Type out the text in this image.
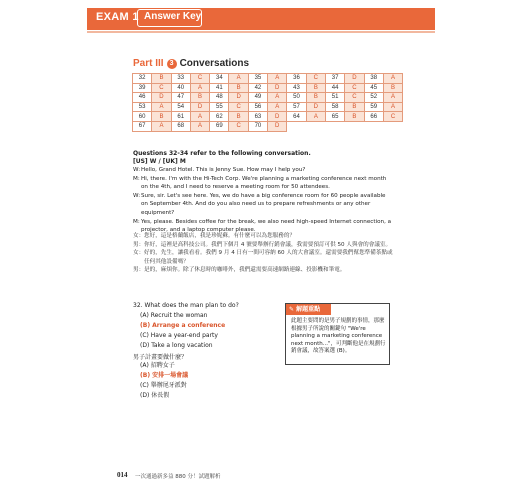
EXAM 1 Answer Key
Part III 3 Conversations
32	B	33	C	34	A	35	A	36	C	37	D	38	A
39	C	40	A	41	B	42	D	43	B	44	C	45	B
46	D	47	B	48	D	49	A	50	B	51	C	52	A
53	A	54	D	55	C	56	A	57	D	58	B	59	A
60	B	61	A	62	B	63	D	64	A	65	B	66	C
67	A	68	A	69	C	70	D						
Questions 32-34 refer to the following conversation.
[US] W / [UK] M
W: Hello, Grand Hotel. This is Jenny Sue. How may I help you?
M: Hi, there. I'm with the Hi-Tech Corp. We're planning a marketing conference next month on the 4th, and I need to reserve a meeting room for 50 attendees.
W: Sure, sir. Let's see here. Yes, we do have a big conference room for 60 people available on September 4th. And do you also need us to prepare refreshments or any other equipment?
M: Yes, please. Besides coffee for the break, we also need high-speed Internet connection, a projector, and a laptop computer please.
女： 您好，這是格蘭飯店，我是珍妮蘇。有什麼可以為您服務的？
男： 你好，這裡是高科技公司。我們下個月 4 號要舉辦行銷會議，我需要預訂可供 50 人與會的會議室。
女： 好的，先生，讓我看看。我們 9 月 4 日有一間可容納 60 人的大會議室。還需要我們幫您準備茶點或任何其他設備嗎？
男： 是的，麻煩你。除了休息時的咖啡外，我們還需要高速網路連線、投影機和筆電。
32. What does the man plan to do?
(A) Recruit the woman
(B) Arrange a conference
(C) Have a year-end party
(D) Take a long vacation
男子計畫要做什麼？
(A) 招聘女子
(B) 安排一場會議
(C) 舉辦尾牙派對
(D) 休長假
✎ 解題重點
此題主要問的是男子規劃的事情，那麼根據男子所說的關鍵句 "We're planning a marketing conference next month..."，可判斷他是在規劃行銷會議，故答案選 (B)。
014 一次通過新多益 880 分！試題解析
